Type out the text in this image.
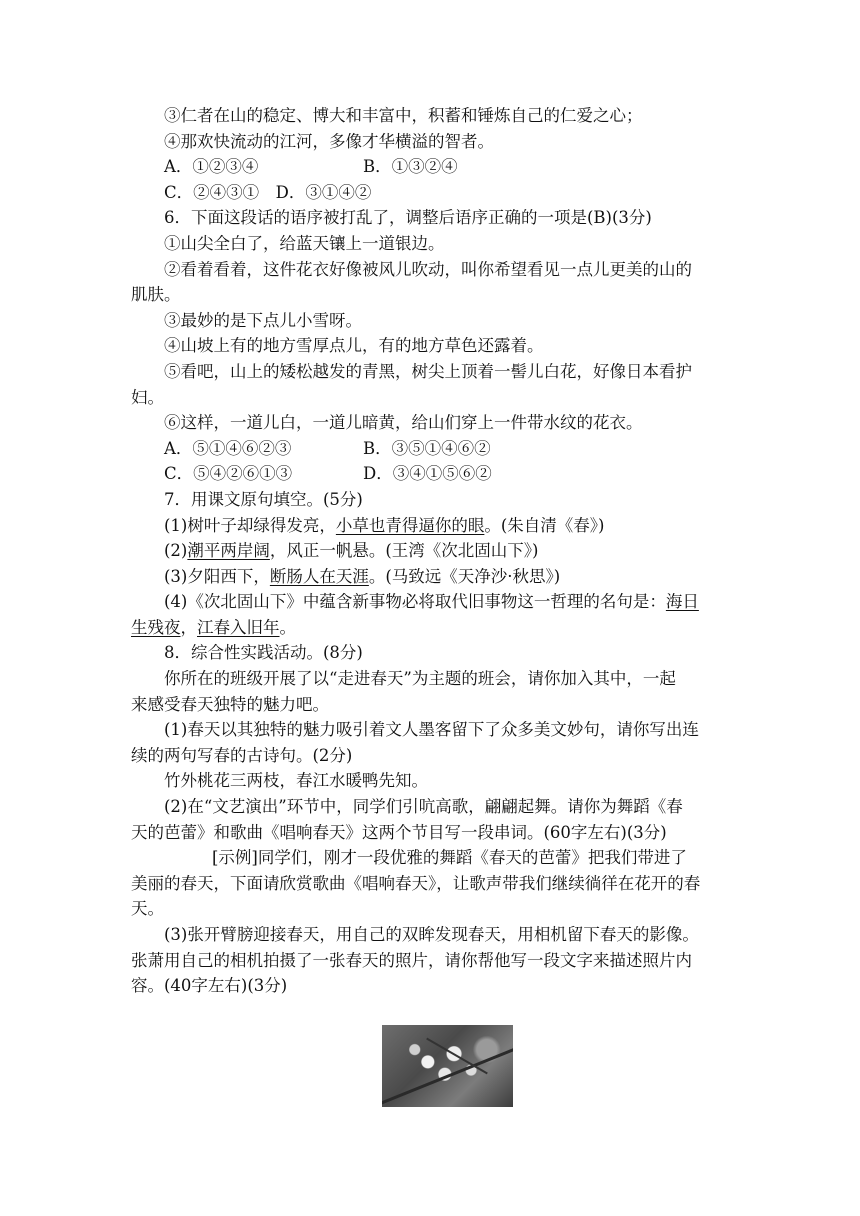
③仁者在山的稳定、博大和丰富中，积蓄和锤炼自己的仁爱之心；
④那欢快流动的江河，多像才华横溢的智者。
A．①②③④	B．①③②④
C．②④③①　D．③①④②
6．下面这段话的语序被打乱了，调整后语序正确的一项是(B)(3分)
①山尖全白了，给蓝天镶上一道银边。
②看着看着，这件花衣好像被风儿吹动，叫你希望看见一点儿更美的山的
肌肤。
③最妙的是下点儿小雪呀。
④山坡上有的地方雪厚点儿，有的地方草色还露着。
⑤看吧，山上的矮松越发的青黑，树尖上顶着一髻儿白花，好像日本看护
妇。
⑥这样，一道儿白，一道儿暗黄，给山们穿上一件带水纹的花衣。
A．⑤①④⑥②③	B．③⑤①④⑥②
C．⑤④②⑥①③	D．③④①⑤⑥②
7．用课文原句填空。(5分)
(1)树叶子却绿得发亮，小草也青得逼你的眼。(朱自清《春》)
(2)潮平两岸阔，风正一帆悬。(王湾《次北固山下》)
(3)夕阳西下，断肠人在天涯。(马致远《天净沙·秋思》)
(4)《次北固山下》中蕴含新事物必将取代旧事物这一哲理的名句是：海日
生残夜，江春入旧年。
8．综合性实践活动。(8分)
你所在的班级开展了以“走进春天”为主题的班会，请你加入其中，一起
来感受春天独特的魅力吧。
(1)春天以其独特的魅力吸引着文人墨客留下了众多美文妙句，请你写出连
续的两句写春的古诗句。(2分)
竹外桃花三两枝，春江水暖鸭先知。
(2)在“文艺演出”环节中，同学们引吭高歌，翩翩起舞。请你为舞蹈《春
天的芭蕾》和歌曲《唱响春天》这两个节目写一段串词。(60字左右)(3分)
[示例]同学们，刚才一段优雅的舞蹈《春天的芭蕾》把我们带进了
美丽的春天，下面请欣赏歌曲《唱响春天》，让歌声带我们继续徜徉在花开的春
天。
(3)张开臂膀迎接春天，用自己的双眸发现春天，用相机留下春天的影像。
张萧用自己的相机拍摄了一张春天的照片，请你帮他写一段文字来描述照片内
容。(40字左右)(3分)
